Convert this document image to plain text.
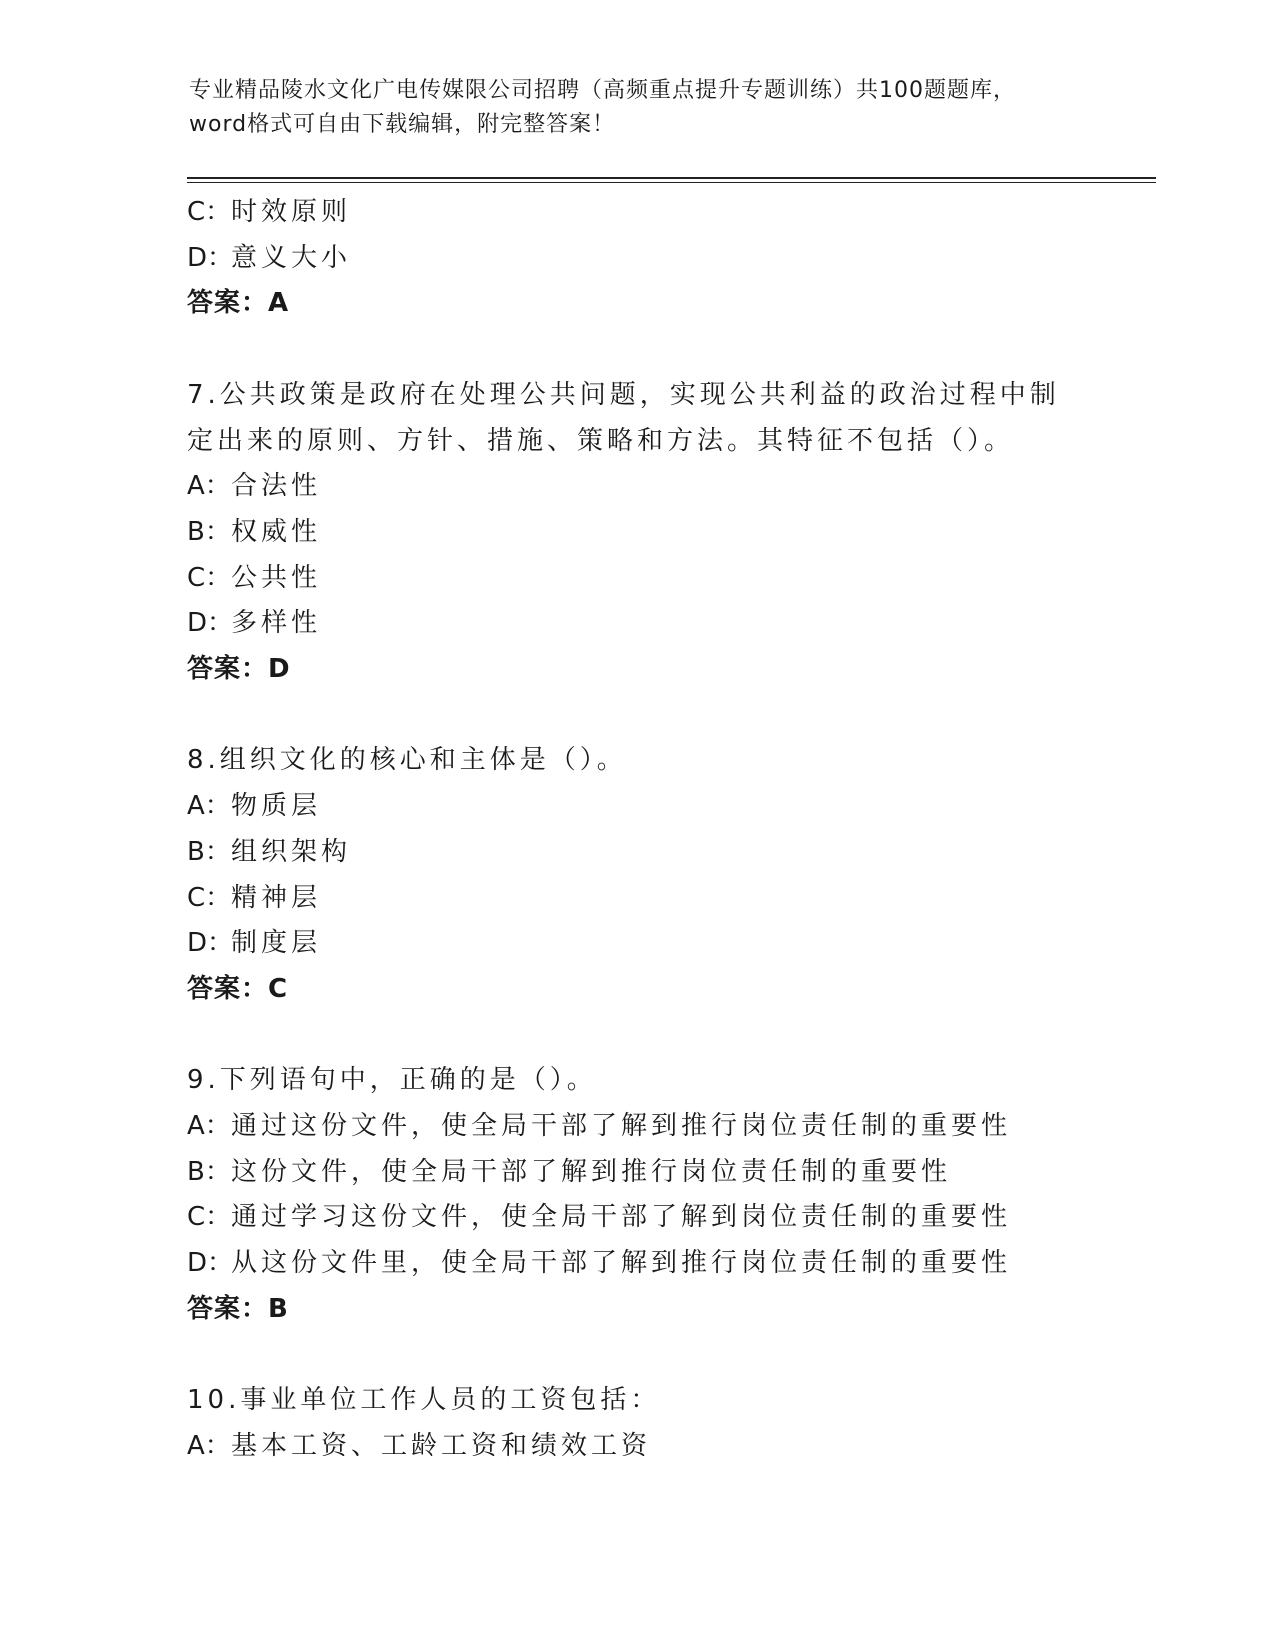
专业精品陵水文化广电传媒限公司招聘（高频重点提升专题训练）共100题题库，word格式可自由下载编辑，附完整答案！
C：时效原则
D：意义大小
答案：A
7.公共政策是政府在处理公共问题，实现公共利益的政治过程中制定出来的原则、方针、措施、策略和方法。其特征不包括（）。
A：合法性
B：权威性
C：公共性
D：多样性
答案：D
8.组织文化的核心和主体是（）。
A：物质层
B：组织架构
C：精神层
D：制度层
答案：C
9.下列语句中，正确的是（）。
A：通过这份文件，使全局干部了解到推行岗位责任制的重要性
B：这份文件，使全局干部了解到推行岗位责任制的重要性
C：通过学习这份文件，使全局干部了解到岗位责任制的重要性
D：从这份文件里，使全局干部了解到推行岗位责任制的重要性
答案：B
10.事业单位工作人员的工资包括：
A：基本工资、工龄工资和绩效工资
